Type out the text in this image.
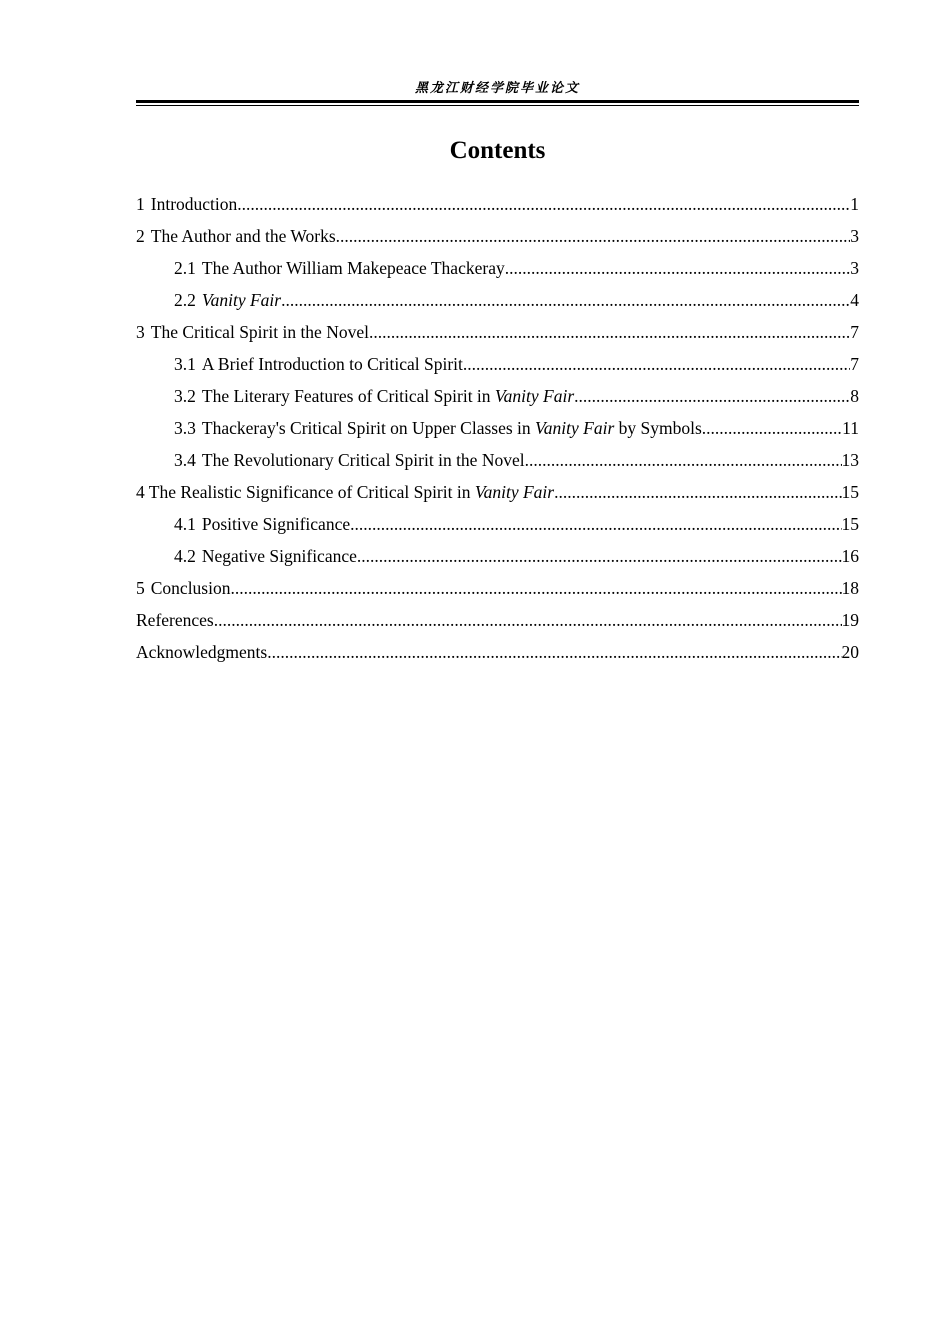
黑龙江财经学院毕业论文
Contents
1 Introduction .....	1
2 The Author and the Works .....	3
2.1 The Author William Makepeace Thackeray .....	3
2.2 Vanity Fair .....	4
3 The Critical Spirit in the Novel .....	7
3.1 A Brief Introduction to Critical Spirit .....	7
3.2 The Literary Features of Critical Spirit in Vanity Fair .....	8
3.3 Thackeray's Critical Spirit on Upper Classes in Vanity Fair by Symbols .....	11
3.4 The Revolutionary Critical Spirit in the Novel .....	13
4 The Realistic Significance of Critical Spirit in Vanity Fair .....	15
4.1 Positive Significance .....	15
4.2 Negative Significance .....	16
5 Conclusion .....	18
References .....	19
Acknowledgments .....	20
